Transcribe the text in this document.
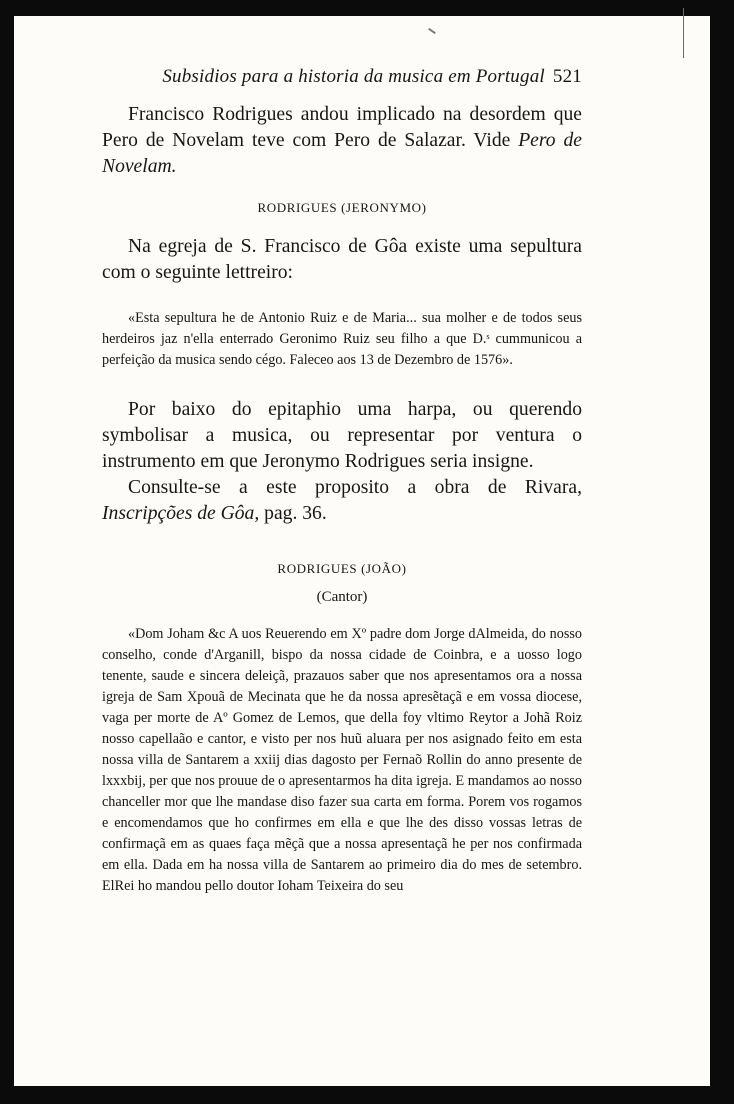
Subsidios para a historia da musica em Portugal 521

Francisco Rodrigues andou implicado na desordem que Pero de Novelam teve com Pero de Salazar. Vide Pero de Novelam.

RODRIGUES (JERONYMO)

Na egreja de S. Francisco de Gôa existe uma sepultura com o seguinte lettreiro:

«Esta sepultura he de Antonio Ruiz e de Maria... sua molher e de todos seus herdeiros jaz n'ella enterrado Geronimo Ruiz seu filho a que D.ˢ cummunicou a perfeição da musica sendo cégo. Faleceo aos 13 de Dezembro de 1576».

Por baixo do epitaphio uma harpa, ou querendo symbolisar a musica, ou representar por ventura o instrumento em que Jeronymo Rodrigues seria insigne.

Consulte-se a este proposito a obra de Rivara, Inscripções de Gôa, pag. 36.

RODRIGUES (JOÃO)
(Cantor)

«Dom Joham &c A uos Reuerendo em Xº padre dom Jorge dAlmeida, do nosso conselho, conde d'Arganill, bispo da nossa cidade de Coinbra, e a uosso logo tenente, saude e sincera deleiçã, prazauos saber que nos apresentamos ora a nossa igreja de Sam Xpouã de Mecinata que he da nossa apresẽtaçã e em vossa diocese, vaga per morte de Aº Gomez de Lemos, que della foy vltimo Reytor a Johã Roiz nosso capellaão e cantor, e visto per nos huũ aluara per nos asignado feito em esta nossa villa de Santarem a xxiij dias dagosto per Fernaõ Rollin do anno presente de lxxxbij, per que nos prouue de o apresentarmos ha dita igreja. E mandamos ao nosso chanceller mor que lhe mandase diso fazer sua carta em forma. Porem vos rogamos e encomendamos que ho confirmes em ella e que lhe des disso vossas letras de confirmaçã em as quaes faça mẽçã que a nossa apresentaçã he per nos confirmada em ella. Dada em ha nossa villa de Santarem ao primeiro dia do mes de setembro. ElRei ho mandou pello doutor Ioham Teixeira do seu
